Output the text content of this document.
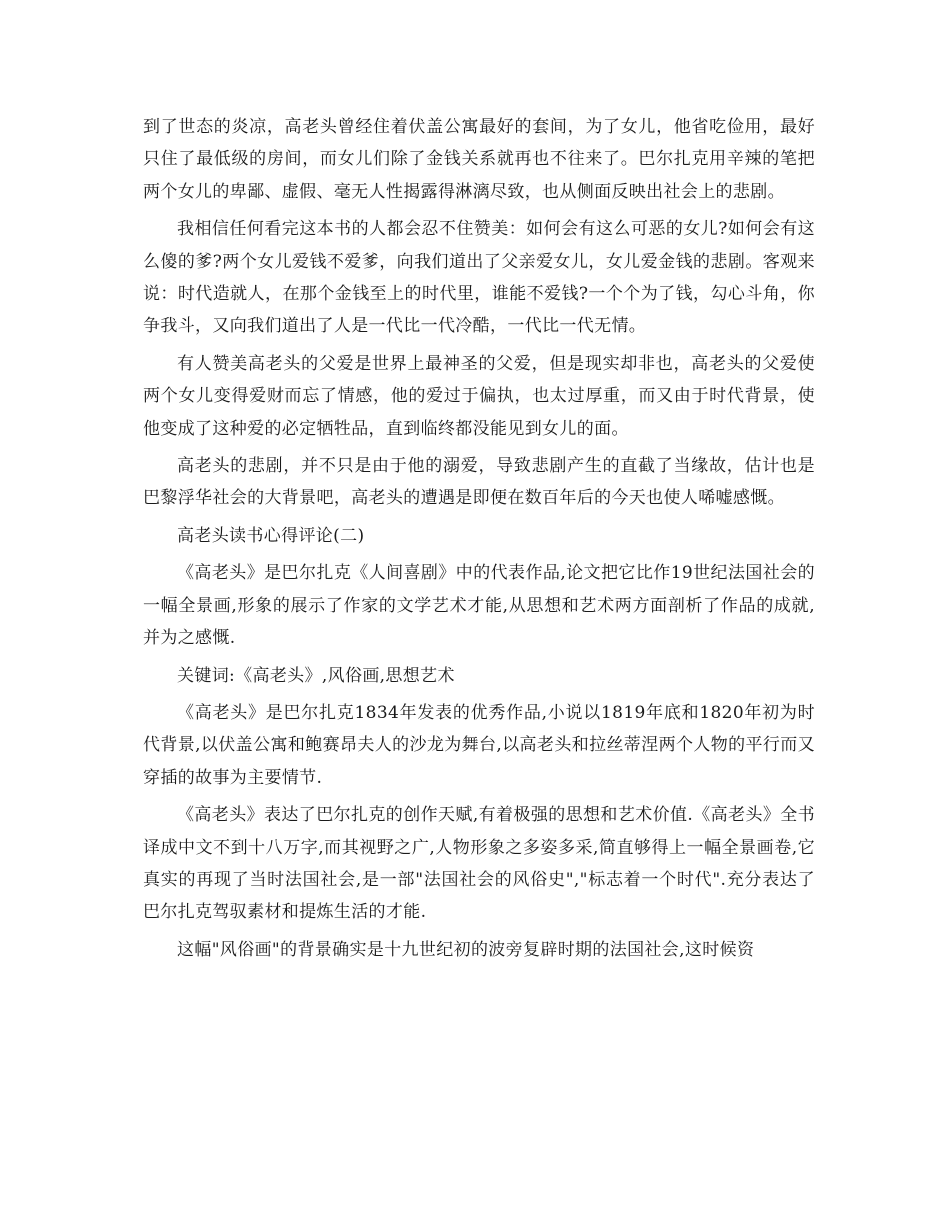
到了世态的炎凉，高老头曾经住着伏盖公寓最好的套间，为了女儿，他省吃俭用，最好只住了最低级的房间，而女儿们除了金钱关系就再也不往来了。巴尔扎克用辛辣的笔把两个女儿的卑鄙、虚假、毫无人性揭露得淋漓尽致，也从侧面反映出社会上的悲剧。

我相信任何看完这本书的人都会忍不住赞美：如何会有这么可恶的女儿?如何会有这么傻的爹?两个女儿爱钱不爱爹，向我们道出了父亲爱女儿，女儿爱金钱的悲剧。客观来说：时代造就人，在那个金钱至上的时代里，谁能不爱钱?一个个为了钱，勾心斗角，你争我斗，又向我们道出了人是一代比一代冷酷，一代比一代无情。

有人赞美高老头的父爱是世界上最神圣的父爱，但是现实却非也，高老头的父爱使两个女儿变得爱财而忘了情感，他的爱过于偏执，也太过厚重，而又由于时代背景，使他变成了这种爱的必定牺牲品，直到临终都没能见到女儿的面。

高老头的悲剧，并不只是由于他的溺爱，导致悲剧产生的直截了当缘故，估计也是巴黎浮华社会的大背景吧，高老头的遭遇是即便在数百年后的今天也使人唏嘘感慨。

高老头读书心得评论(二)

《高老头》是巴尔扎克《人间喜剧》中的代表作品,论文把它比作19世纪法国社会的一幅全景画,形象的展示了作家的文学艺术才能,从思想和艺术两方面剖析了作品的成就,并为之感慨.

关键词:《高老头》,风俗画,思想艺术

《高老头》是巴尔扎克1834年发表的优秀作品,小说以1819年底和1820年初为时代背景,以伏盖公寓和鲍赛昂夫人的沙龙为舞台,以高老头和拉丝蒂涅两个人物的平行而又穿插的故事为主要情节.

《高老头》表达了巴尔扎克的创作天赋,有着极强的思想和艺术价值.《高老头》全书译成中文不到十八万字,而其视野之广,人物形象之多姿多采,简直够得上一幅全景画卷,它真实的再现了当时法国社会,是一部"法国社会的风俗史","标志着一个时代".充分表达了巴尔扎克驾驭素材和提炼生活的才能.

这幅"风俗画"的背景确实是十九世纪初的波旁复辟时期的法国社会,这时候资
